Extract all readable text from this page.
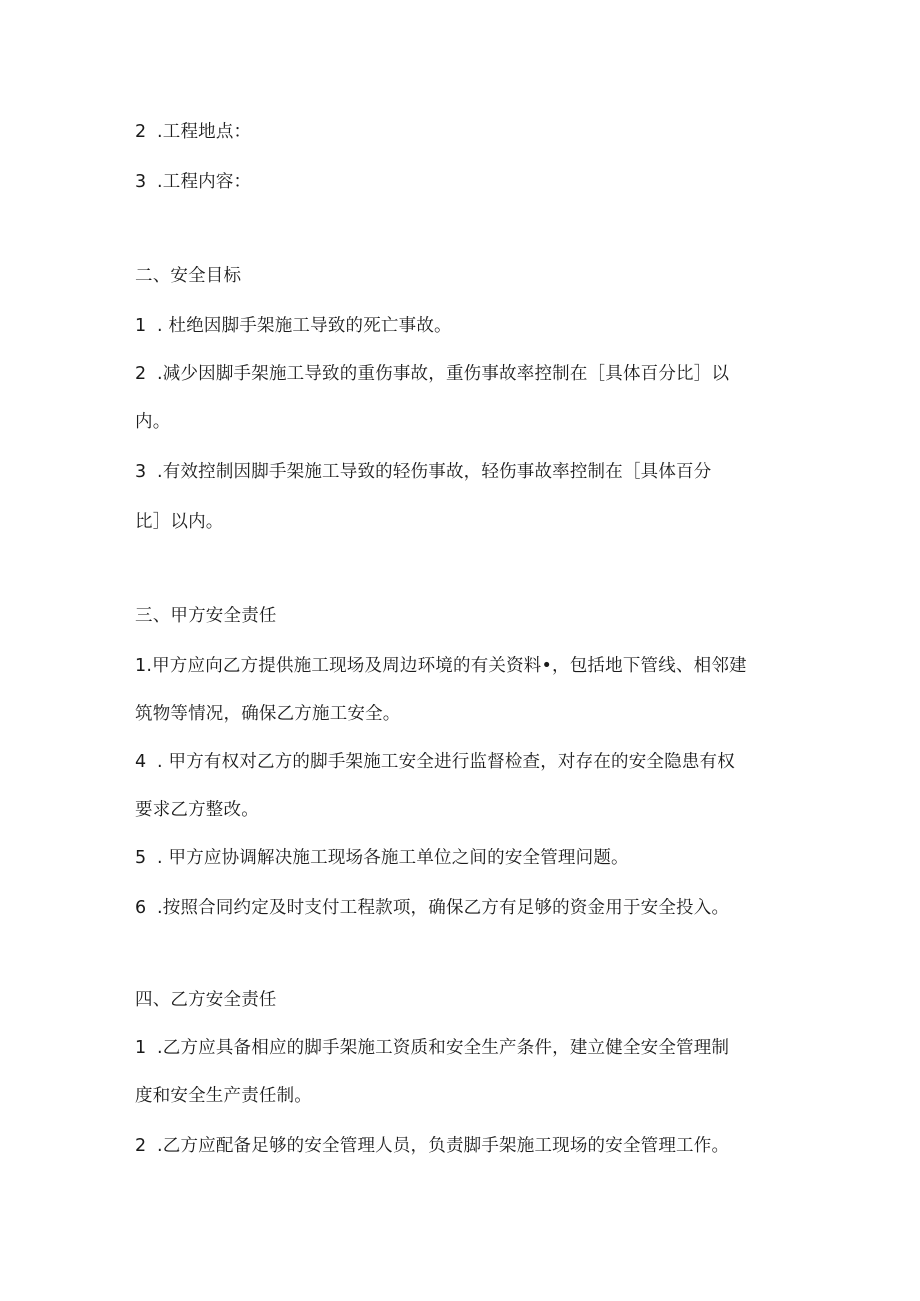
2 .工程地点：
3 .工程内容：
二、安全目标
1 . 杜绝因脚手架施工导致的死亡事故。
2 .减少因脚手架施工导致的重伤事故，重伤事故率控制在［具体百分比］以
内。
3 .有效控制因脚手架施工导致的轻伤事故，轻伤事故率控制在［具体百分
比］以内。
三、甲方安全责任
1.甲方应向乙方提供施工现场及周边环境的有关资料•，包括地下管线、相邻建
筑物等情况，确保乙方施工安全。
4 . 甲方有权对乙方的脚手架施工安全进行监督检查，对存在的安全隐患有权
要求乙方整改。
5 . 甲方应协调解决施工现场各施工单位之间的安全管理问题。
6 .按照合同约定及时支付工程款项，确保乙方有足够的资金用于安全投入。
四、乙方安全责任
1 .乙方应具备相应的脚手架施工资质和安全生产条件，建立健全安全管理制
度和安全生产责任制。
2 .乙方应配备足够的安全管理人员，负责脚手架施工现场的安全管理工作。
